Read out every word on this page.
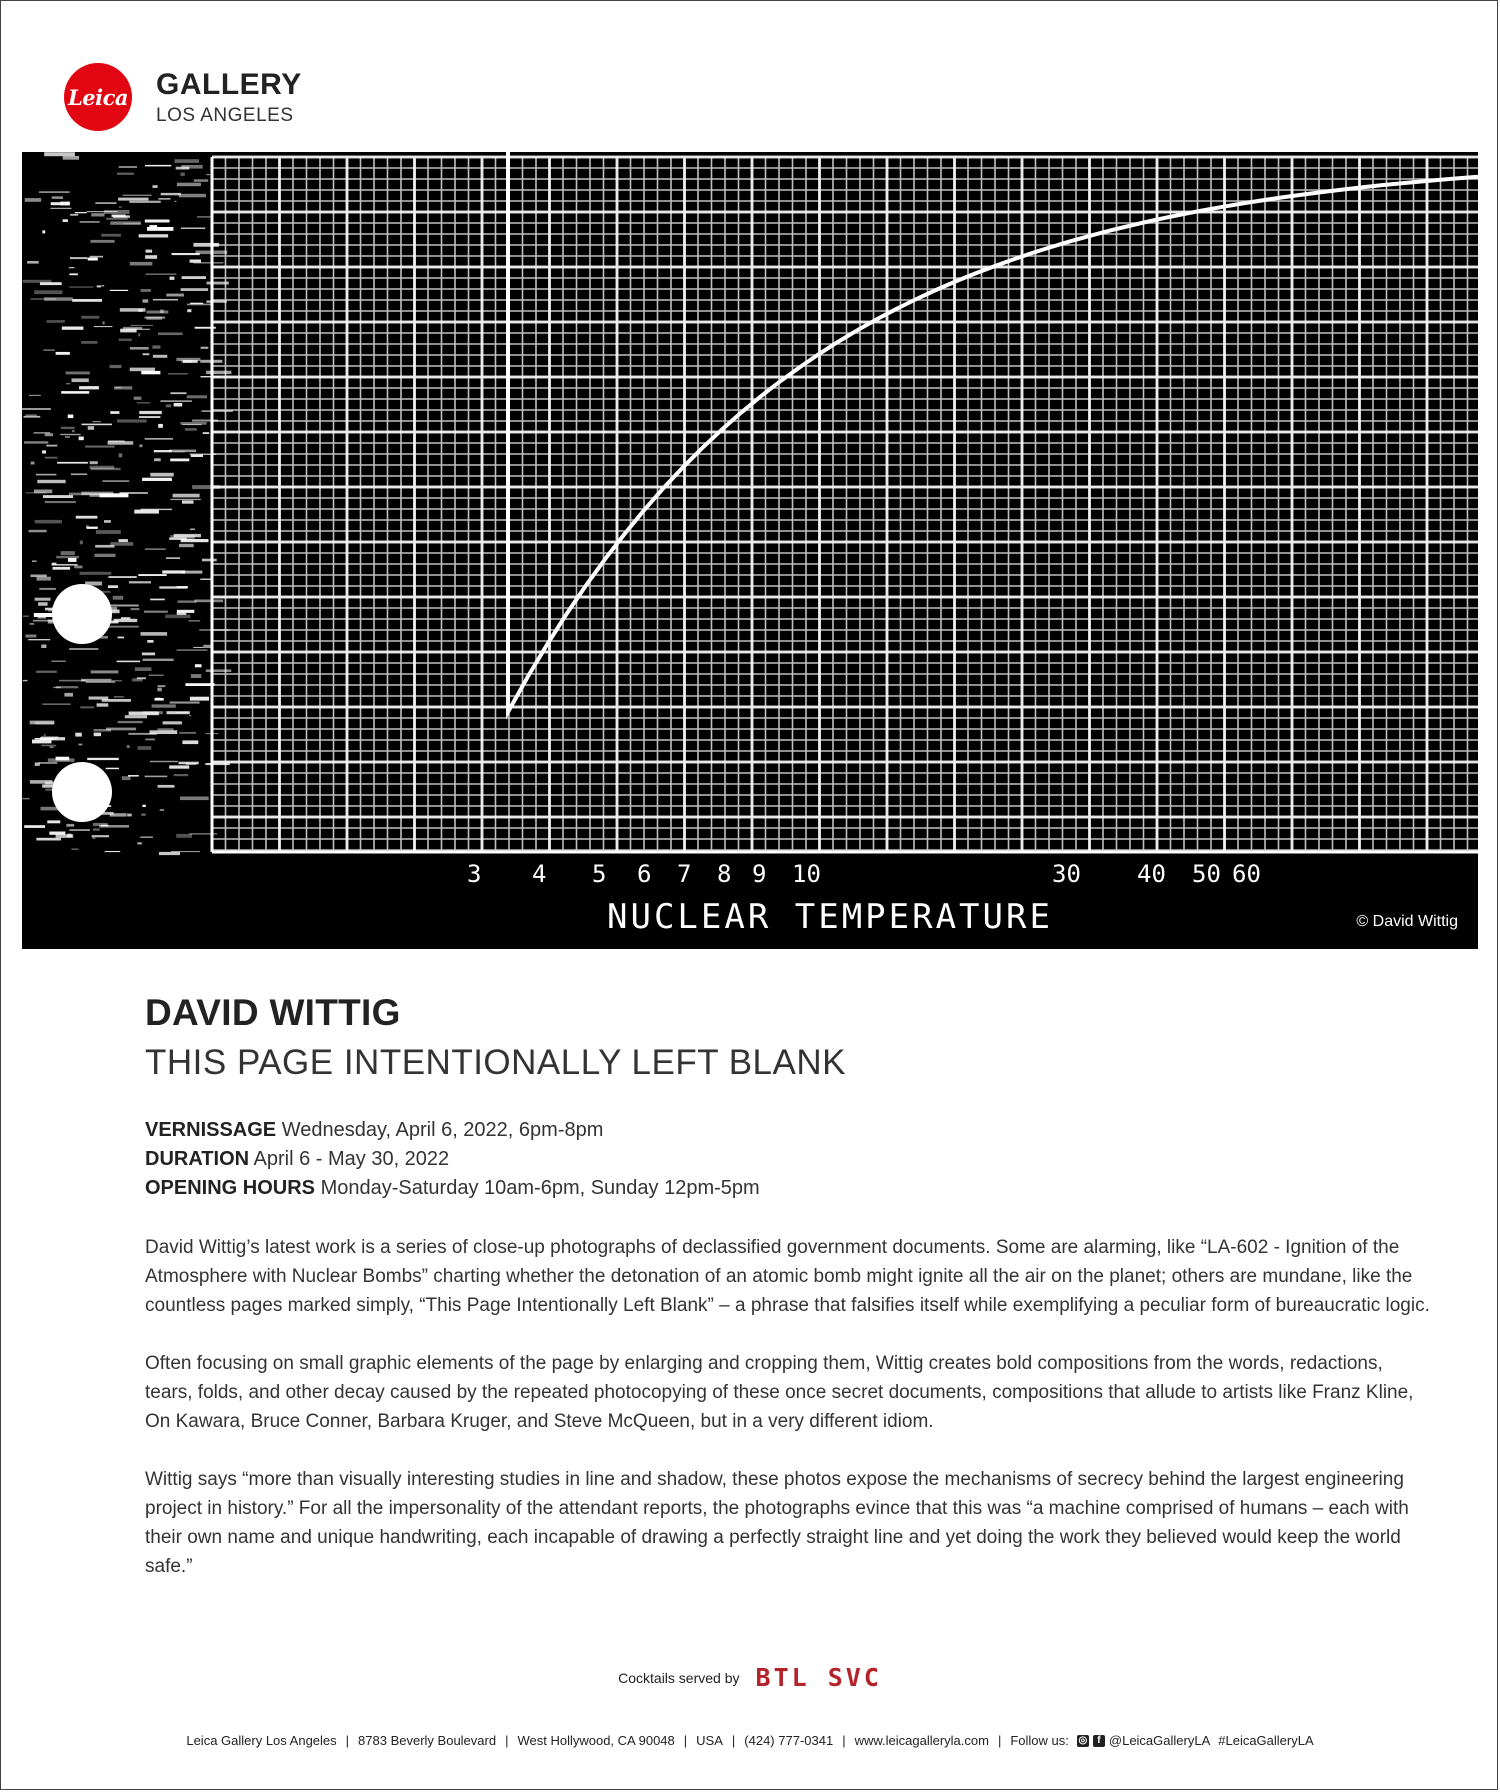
Leica GALLERY
LOS ANGELES
3 4 5 6 7 8 9 10	30 40 50 60
NUCLEAR TEMPERATURE	© David Wittig
DAVID WITTIG
THIS PAGE INTENTIONALLY LEFT BLANK
VERNISSAGE Wednesday, April 6, 2022, 6pm-8pm
DURATION April 6 - May 30, 2022
OPENING HOURS Monday-Saturday 10am-6pm, Sunday 12pm-5pm

David Wittig’s latest work is a series of close-up photographs of declassified government documents. Some are alarming, like “LA-602 - Ignition of the Atmosphere with Nuclear Bombs” charting whether the detonation of an atomic bomb might ignite all the air on the planet; others are mundane, like the countless pages marked simply, “This Page Intentionally Left Blank” – a phrase that falsifies itself while exemplifying a peculiar form of bureaucratic logic.

Often focusing on small graphic elements of the page by enlarging and cropping them, Wittig creates bold compositions from the words, redactions, tears, folds, and other decay caused by the repeated photocopying of these once secret documents, compositions that allude to artists like Franz Kline, On Kawara, Bruce Conner, Barbara Kruger, and Steve McQueen, but in a very different idiom.

Wittig says “more than visually interesting studies in line and shadow, these photos expose the mechanisms of secrecy behind the largest engineering project in history.” For all the impersonality of the attendant reports, the photographs evince that this was “a machine comprised of humans – each with their own name and unique handwriting, each incapable of drawing a perfectly straight line and yet doing the work they believed would keep the world safe.”

Cocktails served by BTL SVC
Leica Gallery Los Angeles | 8783 Beverly Boulevard | West Hollywood, CA 90048 | USA | (424) 777-0341 | www.leicagalleryla.com | Follow us: ◎ f @LeicaGalleryLA #LeicaGalleryLA
